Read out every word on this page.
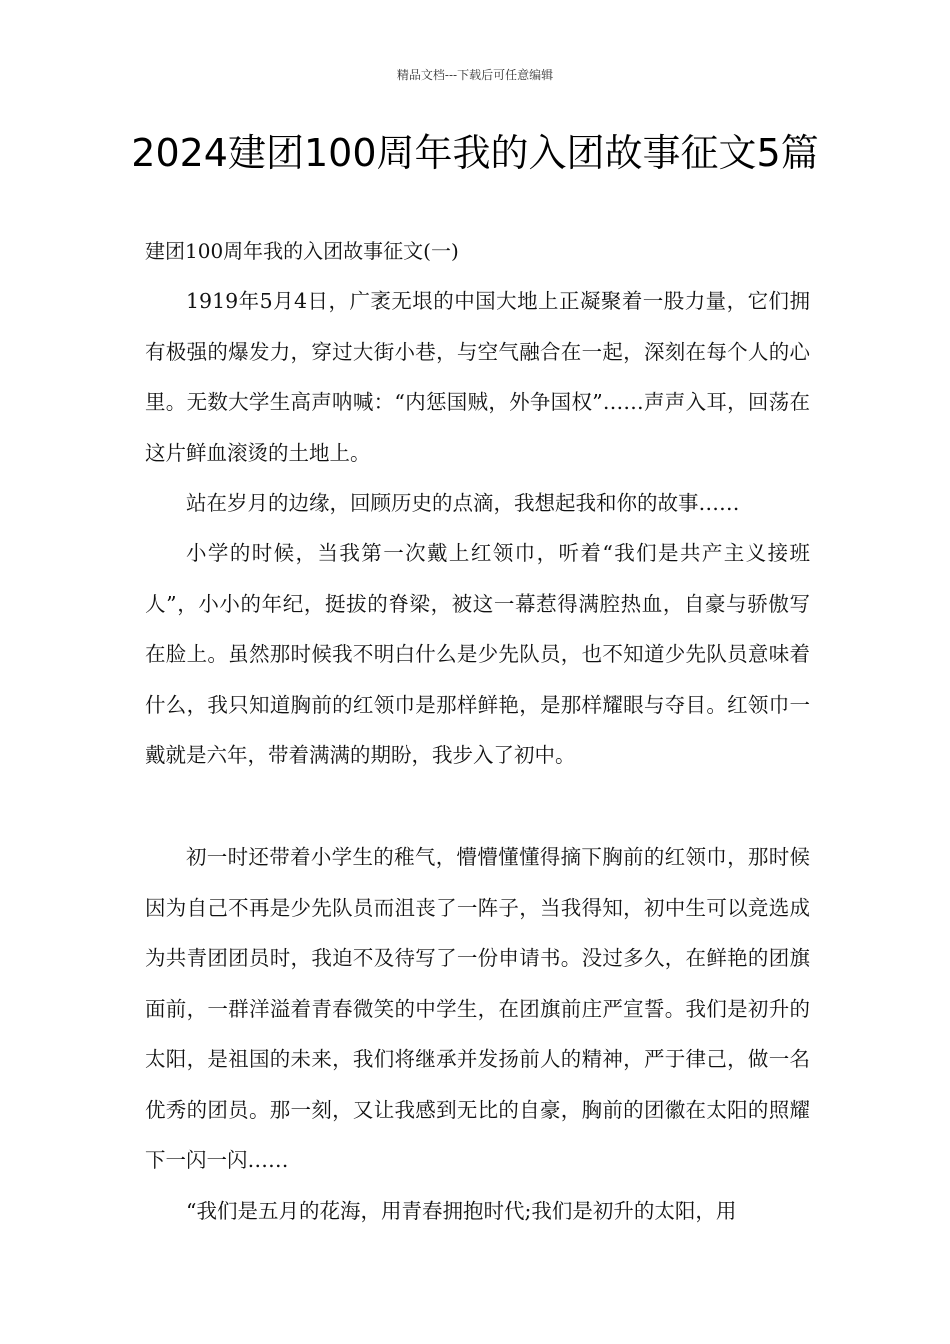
精品文档---下载后可任意编辑
2024建团100周年我的入团故事征文5篇
建团100周年我的入团故事征文(一)

1919年5月4日，广袤无垠的中国大地上正凝聚着一股力量，它们拥有极强的爆发力，穿过大街小巷，与空气融合在一起，深刻在每个人的心里。无数大学生高声呐喊：“内惩国贼，外争国权”……声声入耳，回荡在这片鲜血滚烫的土地上。

站在岁月的边缘，回顾历史的点滴，我想起我和你的故事……

小学的时候，当我第一次戴上红领巾，听着“我们是共产主义接班人”，小小的年纪，挺拔的脊梁，被这一幕惹得满腔热血，自豪与骄傲写在脸上。虽然那时候我不明白什么是少先队员，也不知道少先队员意味着什么，我只知道胸前的红领巾是那样鲜艳，是那样耀眼与夺目。红领巾一戴就是六年，带着满满的期盼，我步入了初中。

初一时还带着小学生的稚气，懵懵懂懂得摘下胸前的红领巾，那时候因为自己不再是少先队员而沮丧了一阵子，当我得知，初中生可以竞选成为共青团团员时，我迫不及待写了一份申请书。没过多久，在鲜艳的团旗面前，一群洋溢着青春微笑的中学生，在团旗前庄严宣誓。我们是初升的太阳，是祖国的未来，我们将继承并发扬前人的精神，严于律己，做一名优秀的团员。那一刻，又让我感到无比的自豪，胸前的团徽在太阳的照耀下一闪一闪……

“我们是五月的花海，用青春拥抱时代;我们是初升的太阳，用
